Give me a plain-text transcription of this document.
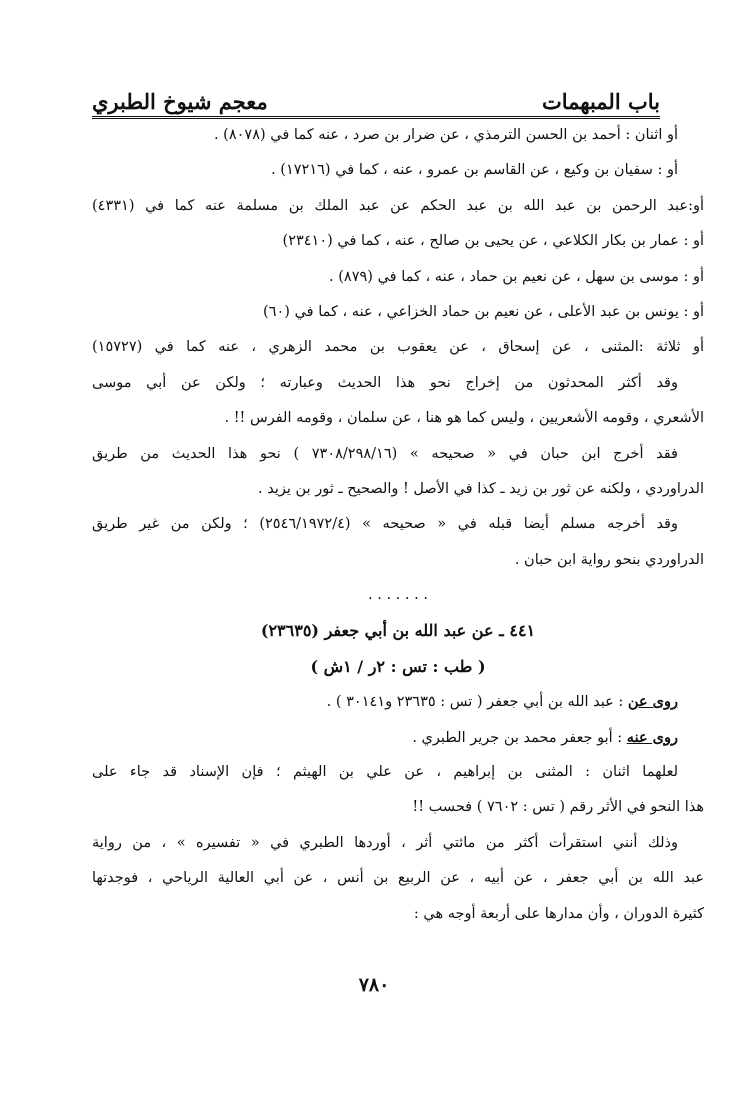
باب المبهمات
معجم شيوخ الطبري
أو اثنان : أحمد بن الحسن الترمذي ، عن ضرار بن صرد ، عنه كما في (٨٠٧٨) .
أو : سفيان بن وكيع ، عن القاسم بن عمرو ، عنه ، كما في (١٧٢١٦) .
أو:عبد الرحمن بن عبد الله بن عبد الحكم عن عبد الملك بن مسلمة عنه كما في (٤٣٣١)
أو : عمار بن بكار الكلاعي ، عن يحيى بن صالح ، عنه ، كما في (٢٣٤١٠)
أو : موسى بن سهل ، عن نعيم بن حماد ، عنه ، كما في (٨٧٩) .
أو : يونس بن عبد الأعلى ، عن نعيم بن حماد الخزاعي ، عنه ، كما في (٦٠)
أو ثلاثة :المثنى ، عن إسحاق ، عن يعقوب بن محمد الزهري ، عنه كما في (١٥٧٢٧)
وقد أكثر المحدثون من إخراج نحو هذا الحديث وعبارته ؛ ولكن عن أبي موسى
الأشعري ، وقومه الأشعريين ، وليس كما هو هنا ، عن سلمان ، وقومه الفرس !! .
فقد أخرج ابن حبان في « صحيحه » (٧٣٠٨/٢٩٨/١٦ ) نحو هذا الحديث من طريق
الدراوردي ، ولكنه عن ثور بن زيد ـ كذا في الأصل ! والصحيح ـ ثور بن يزيد .
وقد أخرجه مسلم أيضا قبله في « صحيحه » (٢٥٤٦/١٩٧٢/٤) ؛ ولكن من غير طريق
الدراوردي بنحو رواية ابن حبان .
. . . . . . .
٤٤١ ـ عن عبد الله بن أبي جعفر (٢٣٦٣٥)
( طب : تس : ٢ر / ١ش )
روى عن : عبد الله بن أبي جعفر ( تس : ٢٣٦٣٥ و٣٠١٤١ ) .
روى عنه : أبو جعفر محمد بن جرير الطبري .
لعلهما اثنان : المثنى بن إبراهيم ، عن علي بن الهيثم ؛ فإن الإسناد قد جاء على
هذا النحو في الأثر رقم ( تس : ٧٦٠٢ ) فحسب !!
وذلك أنني استقرأت أكثر من مائتي أثر ، أوردها الطبري في « تفسيره » ، من رواية
عبد الله بن أبي جعفر ، عن أبيه ، عن الربيع بن أنس ، عن أبي العالية الرياحي ، فوجدتها
كثيرة الدوران ، وأن مدارها على أربعة أوجه هي :
٧٨٠
